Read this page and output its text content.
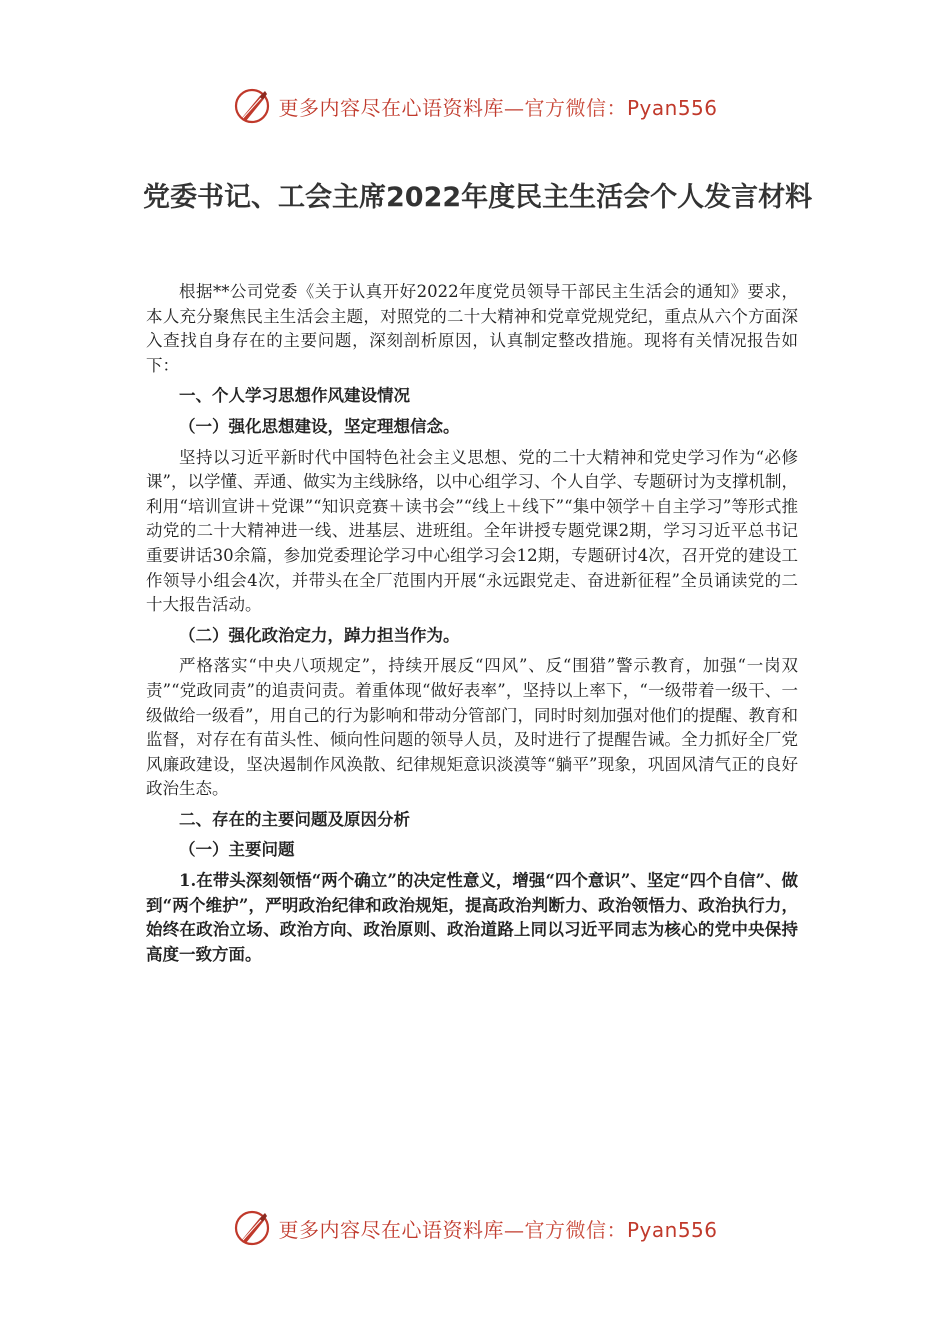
更多内容尽在心语资料库—官方微信：Pyan556
党委书记、工会主席2022年度民主生活会个人发言材料

根据**公司党委《关于认真开好2022年度党员领导干部民主生活会的通知》要求，本人充分聚焦民主生活会主题，对照党的二十大精神和党章党规党纪，重点从六个方面深入查找自身存在的主要问题，深刻剖析原因，认真制定整改措施。现将有关情况报告如下：

一、个人学习思想作风建设情况

（一）强化思想建设，坚定理想信念。

坚持以习近平新时代中国特色社会主义思想、党的二十大精神和党史学习作为“必修课”，以学懂、弄通、做实为主线脉络，以中心组学习、个人自学、专题研讨为支撑机制，利用“培训宣讲＋党课”“知识竞赛＋读书会”“线上＋线下”“集中领学＋自主学习”等形式推动党的二十大精神进一线、进基层、进班组。全年讲授专题党课2期，学习习近平总书记重要讲话30余篇，参加党委理论学习中心组学习会12期，专题研讨4次，召开党的建设工作领导小组会4次，并带头在全厂范围内开展“永远跟党走、奋进新征程”全员诵读党的二十大报告活动。

（二）强化政治定力，踔力担当作为。

严格落实“中央八项规定”，持续开展反“四风”、反“围猎”警示教育，加强“一岗双责”“党政同责”的追责问责。着重体现“做好表率”，坚持以上率下，“一级带着一级干、一级做给一级看”，用自己的行为影响和带动分管部门，同时时刻加强对他们的提醒、教育和监督，对存在有苗头性、倾向性问题的领导人员，及时进行了提醒告诫。全力抓好全厂党风廉政建设，坚决遏制作风涣散、纪律规矩意识淡漠等“躺平”现象，巩固风清气正的良好政治生态。

二、存在的主要问题及原因分析

（一）主要问题

1.在带头深刻领悟“两个确立”的决定性意义，增强“四个意识”、坚定“四个自信”、做到“两个维护”，严明政治纪律和政治规矩，提高政治判断力、政治领悟力、政治执行力，始终在政治立场、政治方向、政治原则、政治道路上同以习近平同志为核心的党中央保持高度一致方面。

更多内容尽在心语资料库—官方微信：Pyan556
